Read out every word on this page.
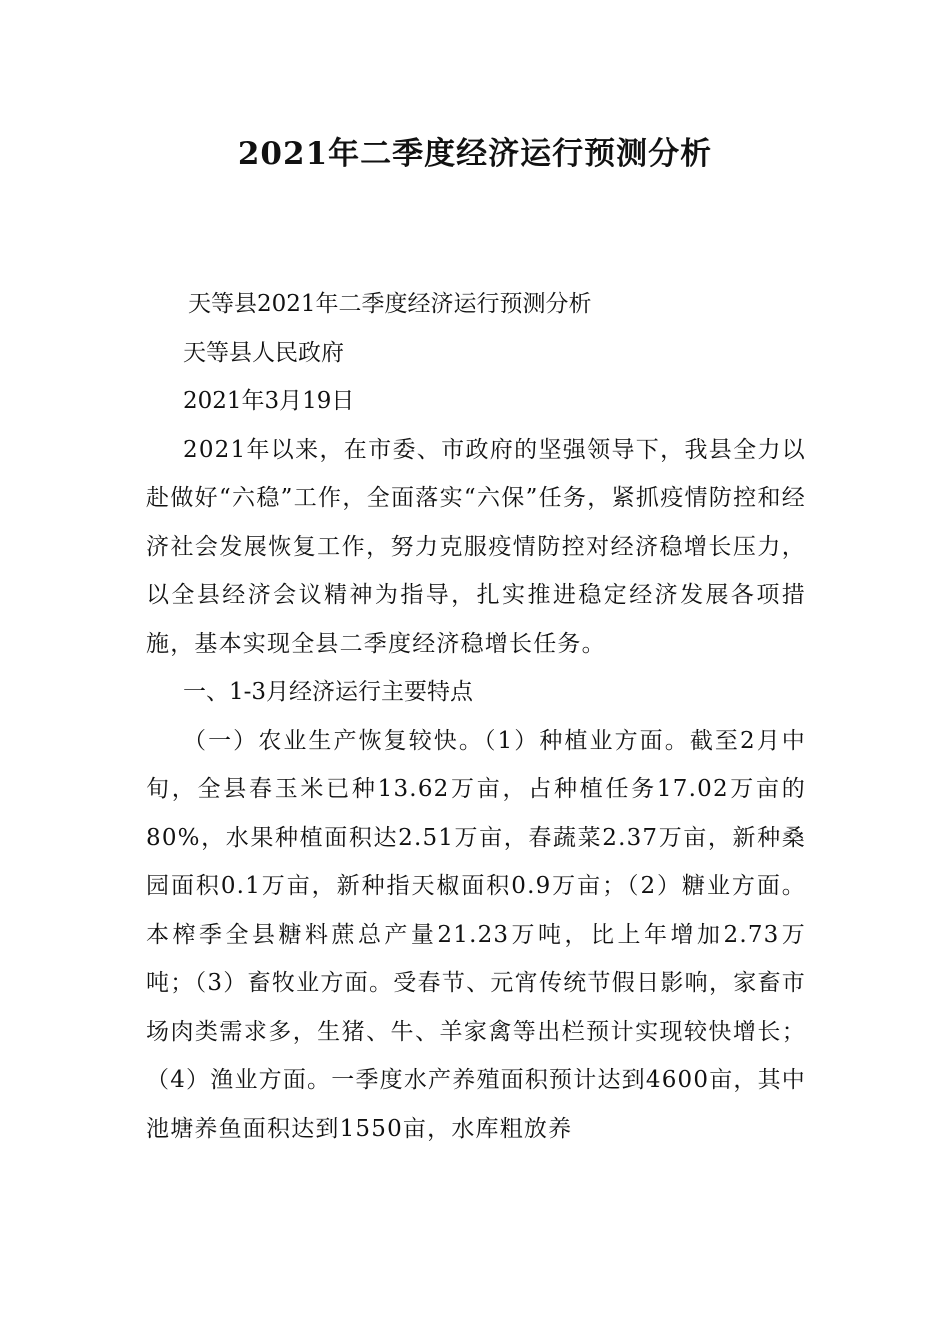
2021年二季度经济运行预测分析

天等县2021年二季度经济运行预测分析

天等县人民政府

2021年3月19日

2021年以来，在市委、市政府的坚强领导下，我县全力以赴做好“六稳”工作，全面落实“六保”任务，紧抓疫情防控和经济社会发展恢复工作，努力克服疫情防控对经济稳增长压力，以全县经济会议精神为指导，扎实推进稳定经济发展各项措施，基本实现全县二季度经济稳增长任务。

一、1-3月经济运行主要特点

（一）农业生产恢复较快。（1）种植业方面。截至2月中旬，全县春玉米已种13.62万亩，占种植任务17.02万亩的80%，水果种植面积达2.51万亩，春蔬菜2.37万亩，新种桑园面积0.1万亩，新种指天椒面积0.9万亩；（2）糖业方面。本榨季全县糖料蔗总产量21.23万吨，比上年增加2.73万吨；（3）畜牧业方面。受春节、元宵传统节假日影响，家畜市场肉类需求多，生猪、牛、羊家禽等出栏预计实现较快增长；（4）渔业方面。一季度水产养殖面积预计达到4600亩，其中池塘养鱼面积达到1550亩，水库粗放养
